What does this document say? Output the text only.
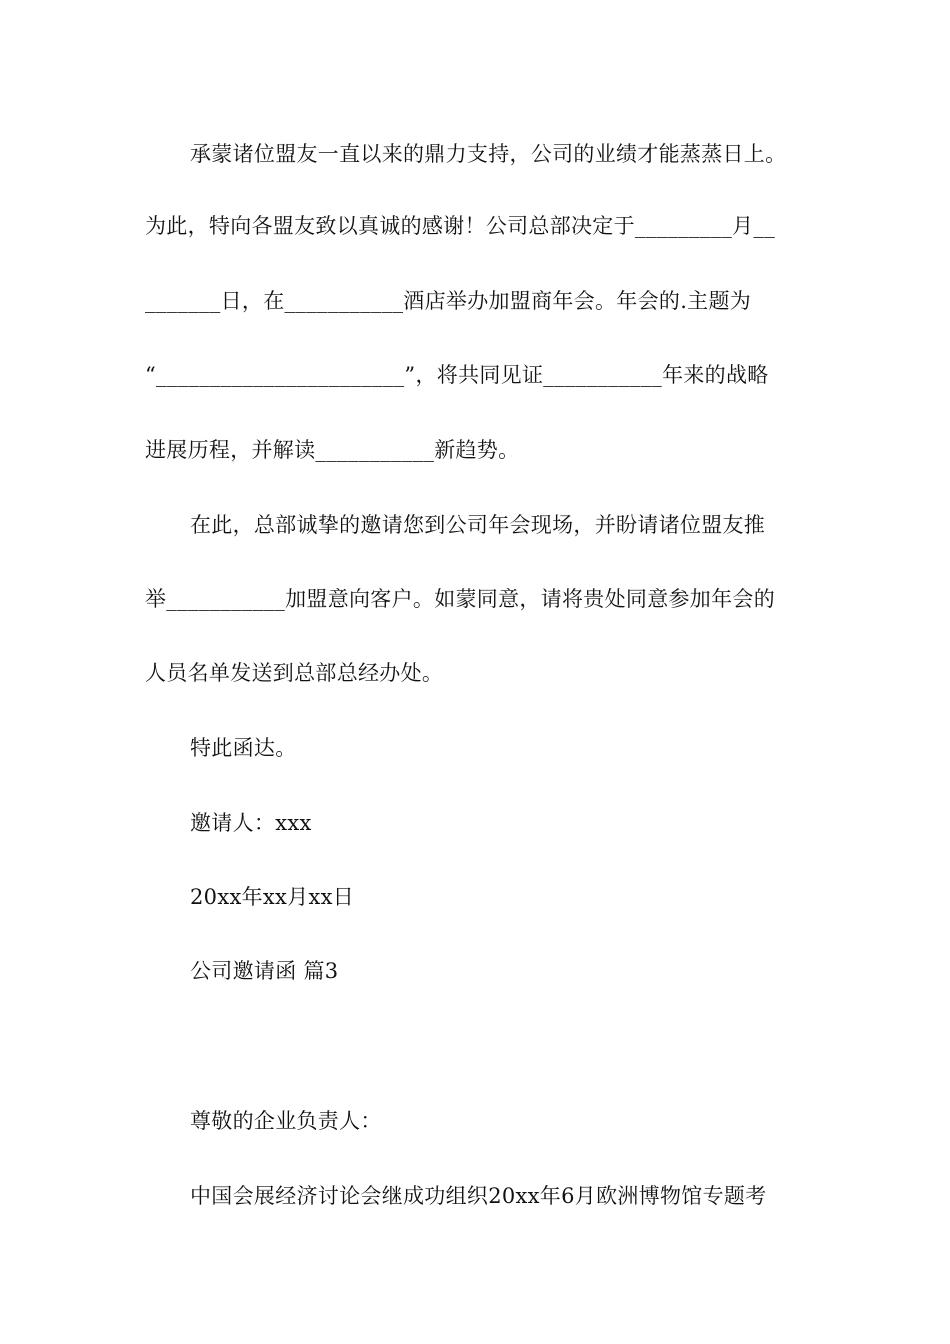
承蒙诸位盟友一直以来的鼎力支持，公司的业绩才能蒸蒸日上。
为此，特向各盟友致以真诚的感谢！公司总部决定于_________月__
_______日，在___________酒店举办加盟商年会。年会的.主题为
“_______________________”，将共同见证___________年来的战略
进展历程，并解读___________新趋势。
在此，总部诚挚的邀请您到公司年会现场，并盼请诸位盟友推
举___________加盟意向客户。如蒙同意，请将贵处同意参加年会的
人员名单发送到总部总经办处。
特此函达。
邀请人：xxx
20xx年xx月xx日
公司邀请函 篇3
尊敬的企业负责人：
中国会展经济讨论会继成功组织20xx年6月欧洲博物馆专题考
